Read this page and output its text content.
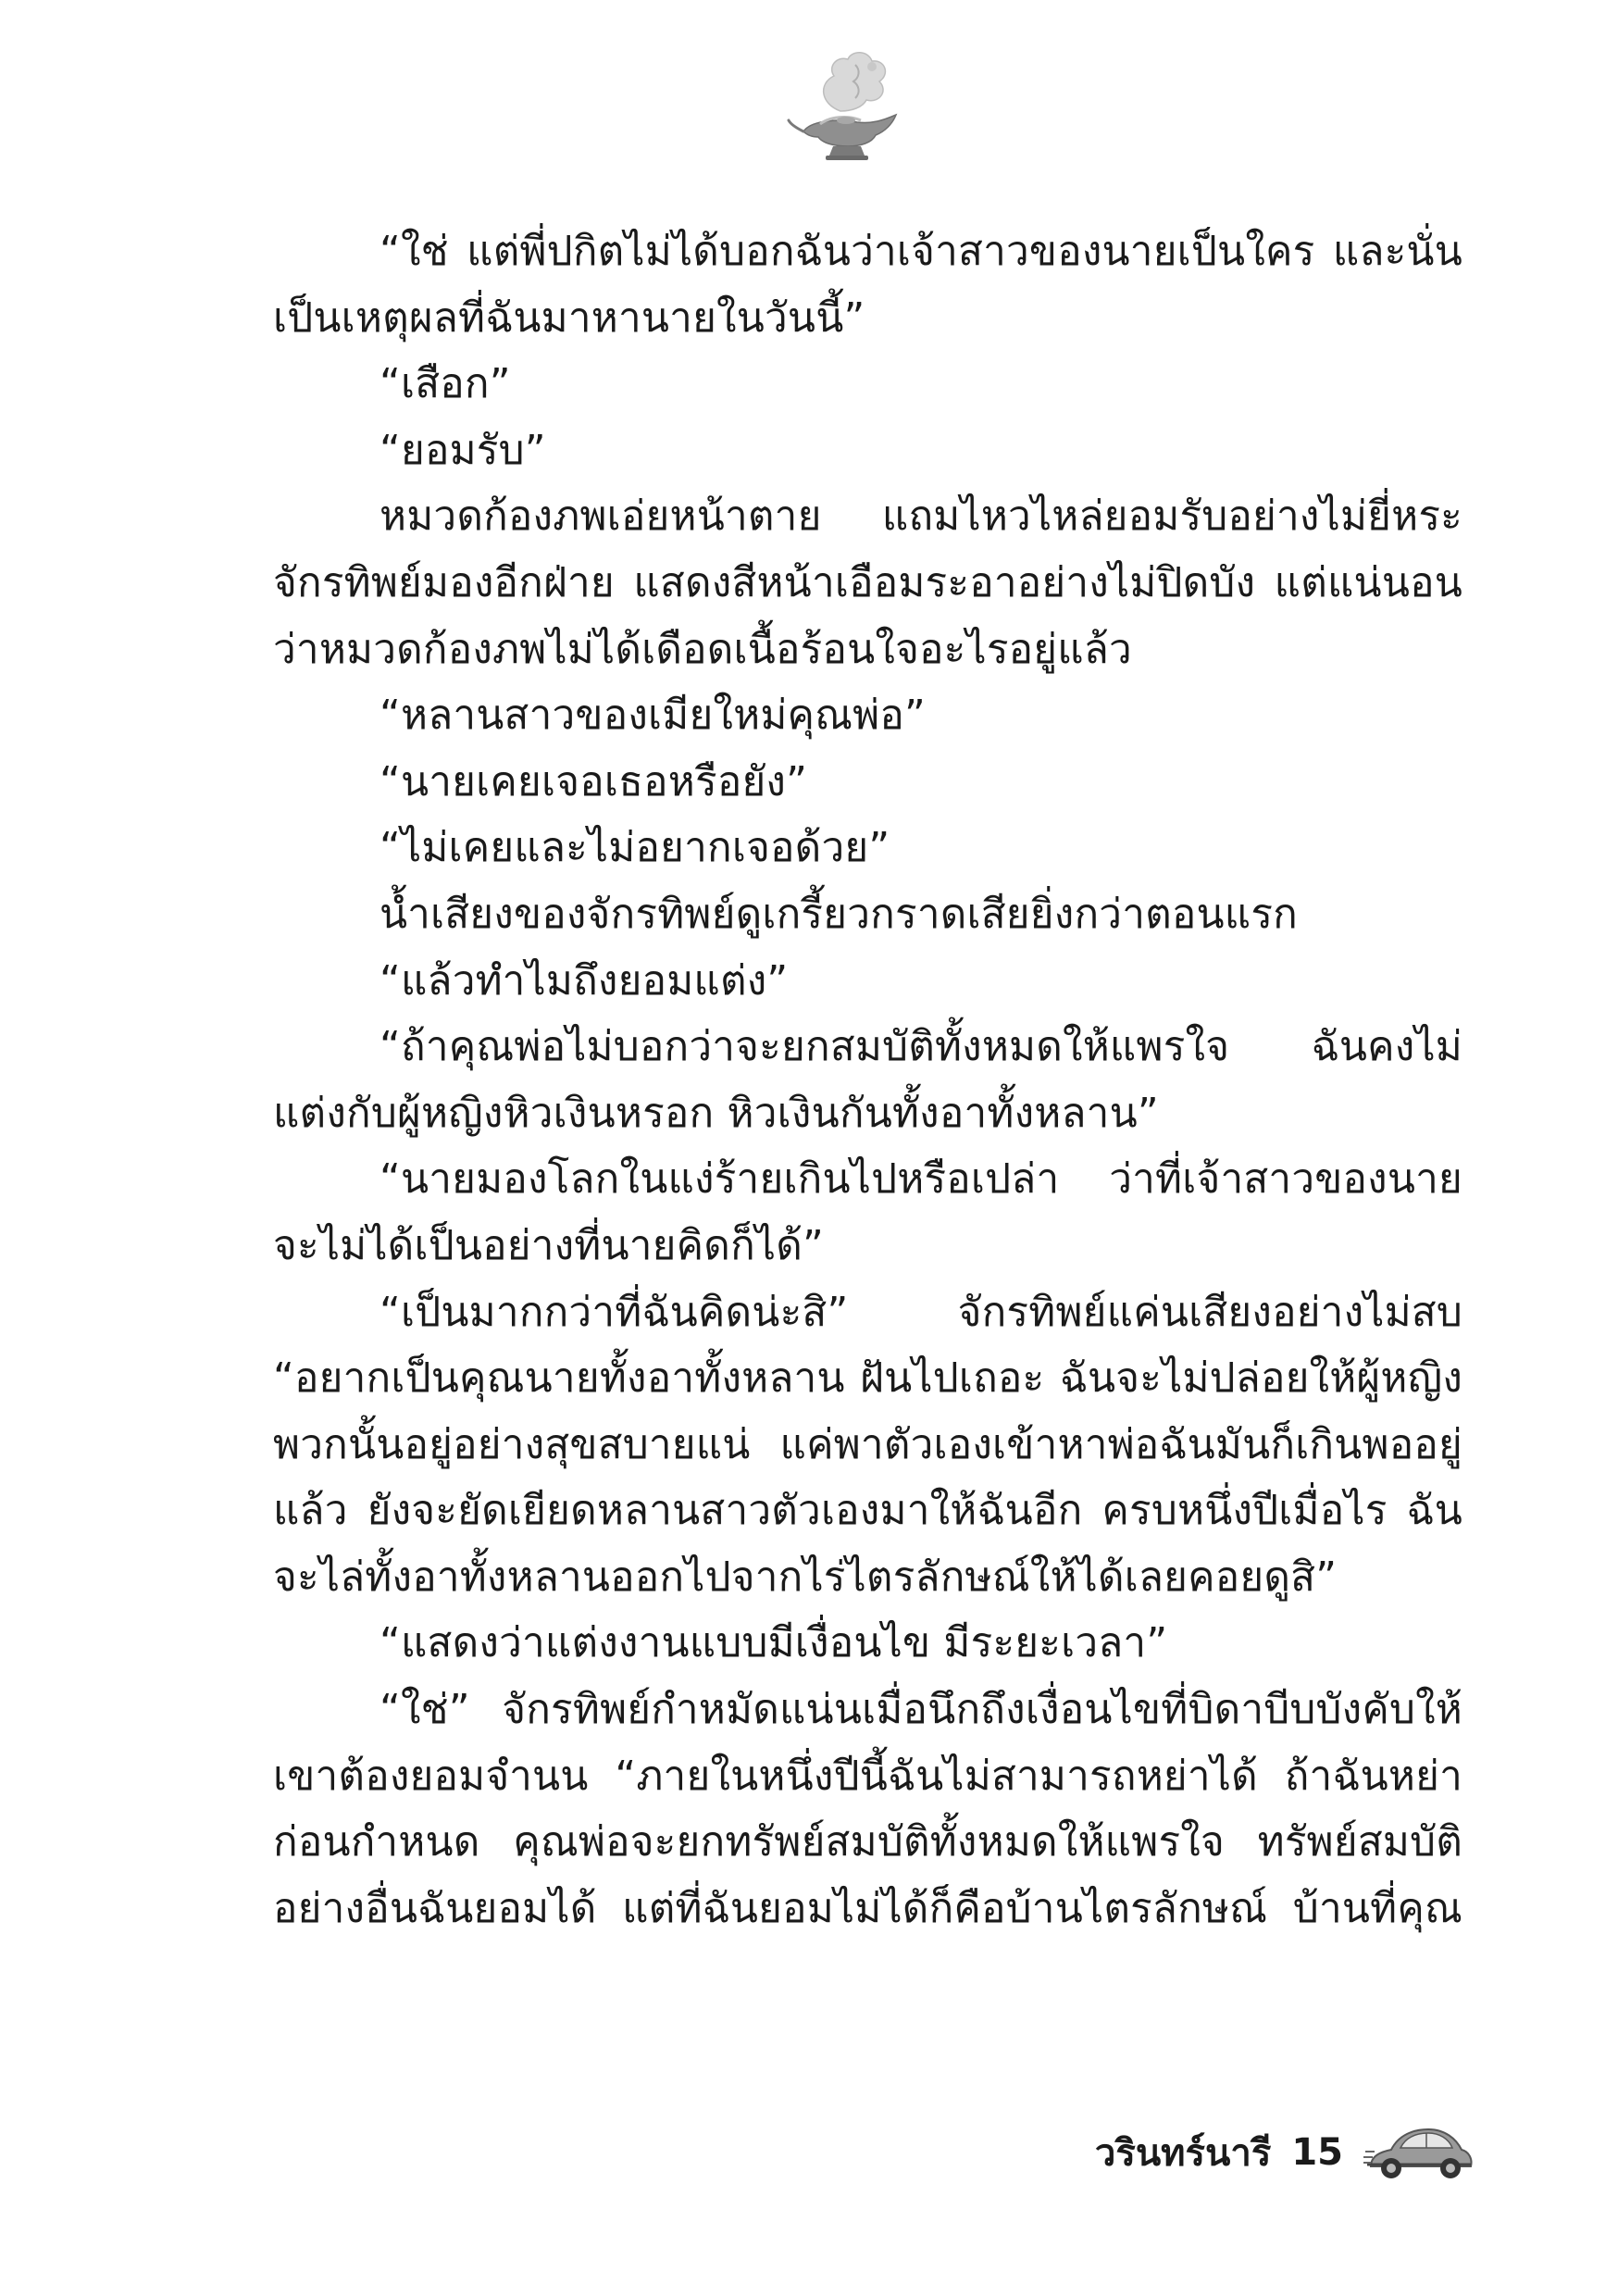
“ใช่ แต่พี่ปกิตไม่ได้บอกฉันว่าเจ้าสาวของนายเป็นใคร และนั่น
เป็นเหตุผลที่ฉันมาหานายในวันนี้”
“เสือก”
“ยอมรับ”
หมวดก้องภพเอ่ยหน้าตาย แถมไหวไหล่ยอมรับอย่างไม่ยี่หระ
จักรทิพย์มองอีกฝ่าย แสดงสีหน้าเอือมระอาอย่างไม่ปิดบัง แต่แน่นอน
ว่าหมวดก้องภพไม่ได้เดือดเนื้อร้อนใจอะไรอยู่แล้ว
“หลานสาวของเมียใหม่คุณพ่อ”
“นายเคยเจอเธอหรือยัง”
“ไม่เคยและไม่อยากเจอด้วย”
น้ำเสียงของจักรทิพย์ดูเกรี้ยวกราดเสียยิ่งกว่าตอนแรก
“แล้วทำไมถึงยอมแต่ง”
“ถ้าคุณพ่อไม่บอกว่าจะยกสมบัติทั้งหมดให้แพรใจ ฉันคงไม่
แต่งกับผู้หญิงหิวเงินหรอก หิวเงินกันทั้งอาทั้งหลาน”
“นายมองโลกในแง่ร้ายเกินไปหรือเปล่า ว่าที่เจ้าสาวของนาย
จะไม่ได้เป็นอย่างที่นายคิดก็ได้”
“เป็นมากกว่าที่ฉันคิดน่ะสิ” จักรทิพย์แค่นเสียงอย่างไม่สบ
“อยากเป็นคุณนายทั้งอาทั้งหลาน ฝันไปเถอะ ฉันจะไม่ปล่อยให้ผู้หญิง
พวกนั้นอยู่อย่างสุขสบายแน่ แค่พาตัวเองเข้าหาพ่อฉันมันก็เกินพออยู่
แล้ว ยังจะยัดเยียดหลานสาวตัวเองมาให้ฉันอีก ครบหนึ่งปีเมื่อไร ฉัน
จะไล่ทั้งอาทั้งหลานออกไปจากไร่ไตรลักษณ์ให้ได้เลยคอยดูสิ”
“แสดงว่าแต่งงานแบบมีเงื่อนไข มีระยะเวลา”
“ใช่” จักรทิพย์กำหมัดแน่นเมื่อนึกถึงเงื่อนไขที่บิดาบีบบังคับให้
เขาต้องยอมจำนน “ภายในหนึ่งปีนี้ฉันไม่สามารถหย่าได้ ถ้าฉันหย่า
ก่อนกำหนด คุณพ่อจะยกทรัพย์สมบัติทั้งหมดให้แพรใจ ทรัพย์สมบัติ
อย่างอื่นฉันยอมได้ แต่ที่ฉันยอมไม่ได้ก็คือบ้านไตรลักษณ์ บ้านที่คุณ
วรินทร์นารี 15
